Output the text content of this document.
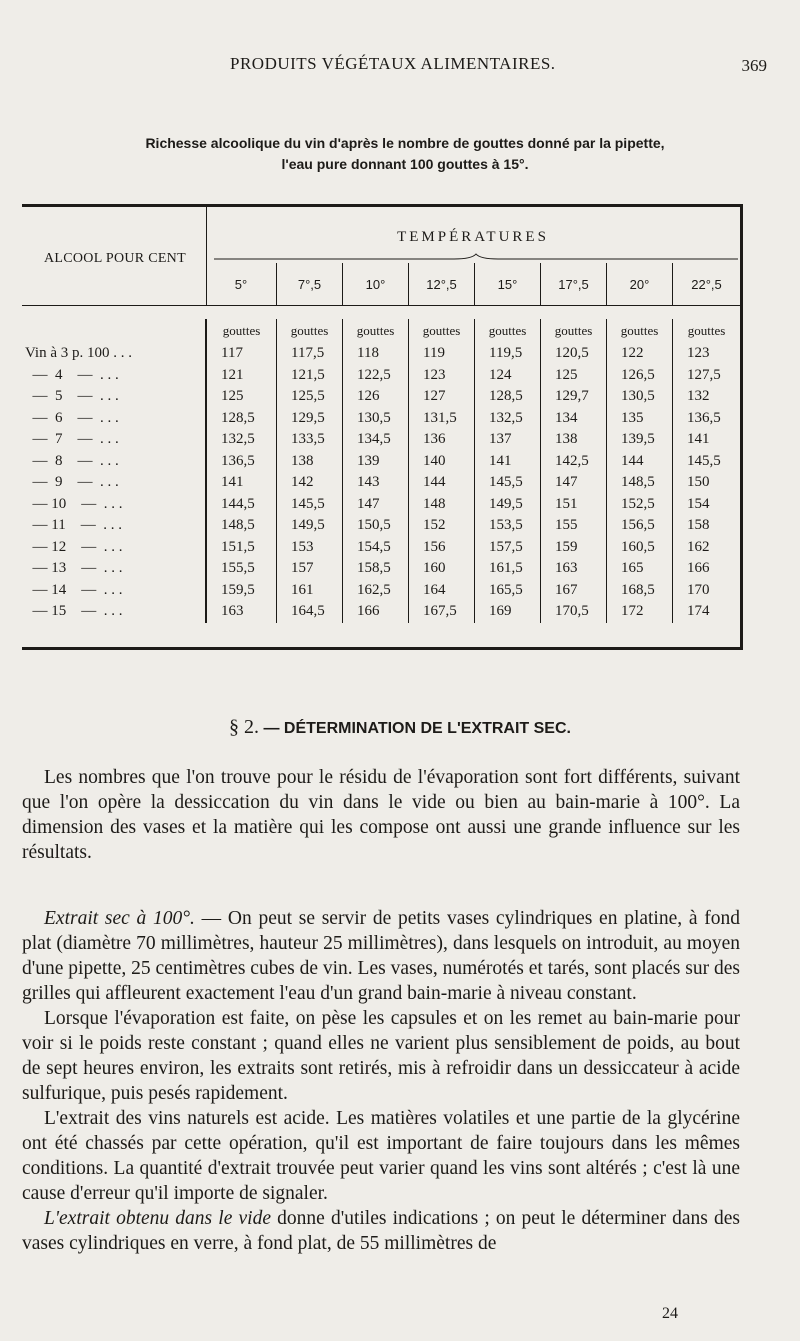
PRODUITS VÉGÉTAUX ALIMENTAIRES.	369
Richesse alcoolique du vin d'après le nombre de gouttes donné par la pipette,
l'eau pure donnant 100 gouttes à 15°.
ALCOOL POUR CENT
TEMPÉRATURES
5°	7°,5	10°	12°,5	15°	17°,5	20°	22°,5
gouttes	gouttes	gouttes	gouttes	gouttes	gouttes	gouttes	gouttes
Vin à 3 p. 100 . . .	117	117,5	118	119	119,5	120,5	122	123
—  4    —  . . .	121	121,5	122,5	123	124	125	126,5	127,5
—  5    —  . . .	125	125,5	126	127	128,5	129,7	130,5	132
—  6    —  . . .	128,5	129,5	130,5	131,5	132,5	134	135	136,5
—  7    —  . . .	132,5	133,5	134,5	136	137	138	139,5	141
—  8    —  . . .	136,5	138	139	140	141	142,5	144	145,5
—  9    —  . . .	141	142	143	144	145,5	147	148,5	150
— 10    —  . . .	144,5	145,5	147	148	149,5	151	152,5	154
— 11    —  . . .	148,5	149,5	150,5	152	153,5	155	156,5	158
— 12    —  . . .	151,5	153	154,5	156	157,5	159	160,5	162
— 13    —  . . .	155,5	157	158,5	160	161,5	163	165	166
— 14    —  . . .	159,5	161	162,5	164	165,5	167	168,5	170
— 15    —  . . .	163	164,5	166	167,5	169	170,5	172	174
§ 2. — DÉTERMINATION DE L'EXTRAIT SEC.

Les nombres que l'on trouve pour le résidu de l'évaporation sont fort différents, suivant que l'on opère la dessiccation du vin dans le vide ou bien au bain-marie à 100°. La dimension des vases et la matière qui les compose ont aussi une grande influence sur les résultats.

Extrait sec à 100°. — On peut se servir de petits vases cylindriques en platine, à fond plat (diamètre 70 millimètres, hauteur 25 millimètres), dans lesquels on introduit, au moyen d'une pipette, 25 centimètres cubes de vin. Les vases, numérotés et tarés, sont placés sur des grilles qui affleurent exactement l'eau d'un grand bain-marie à niveau constant.

Lorsque l'évaporation est faite, on pèse les capsules et on les remet au bain-marie pour voir si le poids reste constant ; quand elles ne varient plus sensiblement de poids, au bout de sept heures environ, les extraits sont retirés, mis à refroidir dans un dessiccateur à acide sulfurique, puis pesés rapidement.

L'extrait des vins naturels est acide. Les matières volatiles et une partie de la glycérine ont été chassés par cette opération, qu'il est important de faire toujours dans les mêmes conditions. La quantité d'extrait trouvée peut varier quand les vins sont altérés ; c'est là une cause d'erreur qu'il importe de signaler.

L'extrait obtenu dans le vide donne d'utiles indications ; on peut le déterminer dans des vases cylindriques en verre, à fond plat, de 55 millimètres de

24
